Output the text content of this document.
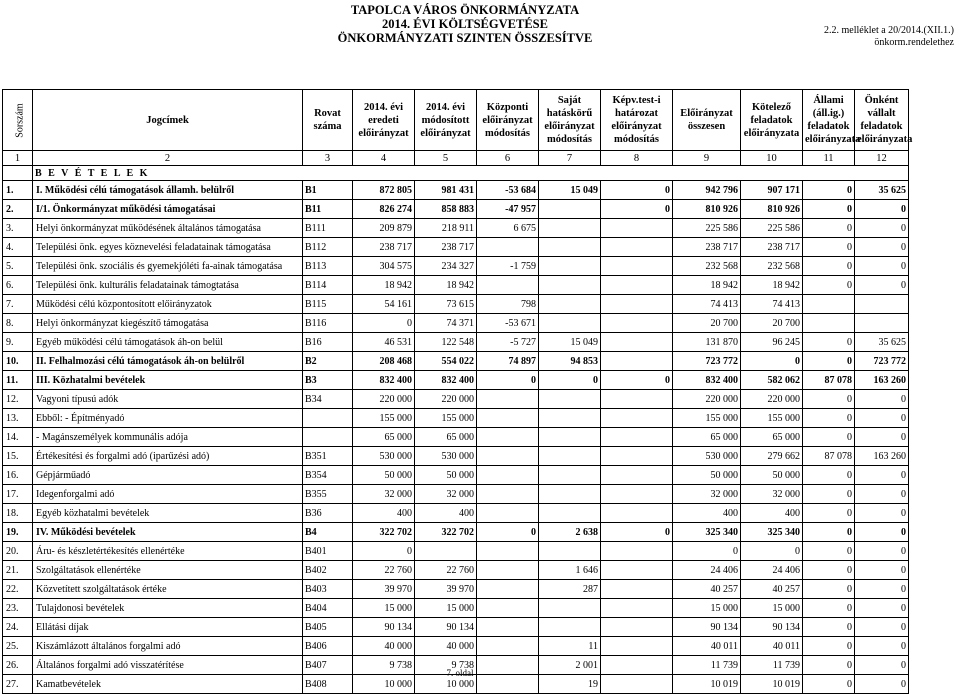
TAPOLCA VÁROS ÖNKORMÁNYZATA
2014. ÉVI KÖLTSÉGVETÉSE
ÖNKORMÁNYZATI SZINTEN ÖSSZESÍTVE
2.2. melléklet a 20/2014.(XII.1.)
önkorm.rendelethez
Sorszám	Jogcímek	Rovat száma	2014. évi eredeti előirányzat	2014. évi módosított előirányzat	Központi előirányzat módosítás	Saját hatáskörű előirányzat módosítás	Képv.test-i határozat előirányzat módosítás	Előirányzat összesen	Kötelező feladatok előirányzata	Állami (áll.ig.) feladatok előirányzata	Önként vállalt feladatok előirányzata
1	2	3	4	5	6	7	8	9	10	11	12
	B E V É T E L E K										
1.	I. Működési célú támogatások államh. belülről	B1	872 805	981 431	-53 684	15 049	0	942 796	907 171	0	35 625
2.	I/1. Önkormányzat működési támogatásai	B11	826 274	858 883	-47 957		0	810 926	810 926	0	0
3.	Helyi önkormányzat működésének általános támogatása	B111	209 879	218 911	6 675			225 586	225 586	0	0
4.	Települési önk. egyes köznevelési feladatainak támogatása	B112	238 717	238 717				238 717	238 717	0	0
5.	Települési önk. szociális és gyemekjóléti fa-ainak támogatása	B113	304 575	234 327	-1 759			232 568	232 568	0	0
6.	Települési önk. kulturális feladatainak támogtatása	B114	18 942	18 942				18 942	18 942	0	0
7.	Működési célú központosított előirányzatok	B115	54 161	73 615	798			74 413	74 413		
8.	Helyi önkormányzat kiegészítő támogatása	B116	0	74 371	-53 671			20 700	20 700		
9.	Egyéb működési célú támogatások áh-on belül	B16	46 531	122 548	-5 727	15 049		131 870	96 245	0	35 625
10.	II. Felhalmozási célú támogatások áh-on belülről	B2	208 468	554 022	74 897	94 853		723 772	0	0	723 772
11.	III. Közhatalmi bevételek	B3	832 400	832 400	0	0	0	832 400	582 062	87 078	163 260
12.	Vagyoni típusú adók	B34	220 000	220 000				220 000	220 000	0	0
13.	Ebből: - Építményadó		155 000	155 000				155 000	155 000	0	0
14.	- Magánszemélyek kommunális adója		65 000	65 000				65 000	65 000	0	0
15.	Értékesítési és forgalmi adó (iparűzési adó)	B351	530 000	530 000				530 000	279 662	87 078	163 260
16.	Gépjárműadó	B354	50 000	50 000				50 000	50 000	0	0
17.	Idegenforgalmi adó	B355	32 000	32 000				32 000	32 000	0	0
18.	Egyéb közhatalmi bevételek	B36	400	400				400	400	0	0
19.	IV. Működési bevételek	B4	322 702	322 702	0	2 638	0	325 340	325 340	0	0
20.	Áru- és készletértékesítés ellenértéke	B401	0					0	0	0	0
21.	Szolgáltatások ellenértéke	B402	22 760	22 760		1 646		24 406	24 406	0	0
22.	Közvetített szolgáltatások értéke	B403	39 970	39 970		287		40 257	40 257	0	0
23.	Tulajdonosi bevételek	B404	15 000	15 000				15 000	15 000	0	0
24.	Ellátási díjak	B405	90 134	90 134				90 134	90 134	0	0
25.	Kiszámlázott általános forgalmi adó	B406	40 000	40 000		11		40 011	40 011	0	0
26.	Általános forgalmi adó visszatérítése	B407	9 738	9 738		2 001		11 739	11 739	0	0
27.	Kamatbevételek	B408	10 000	10 000		19		10 019	10 019	0	0
7. oldal
